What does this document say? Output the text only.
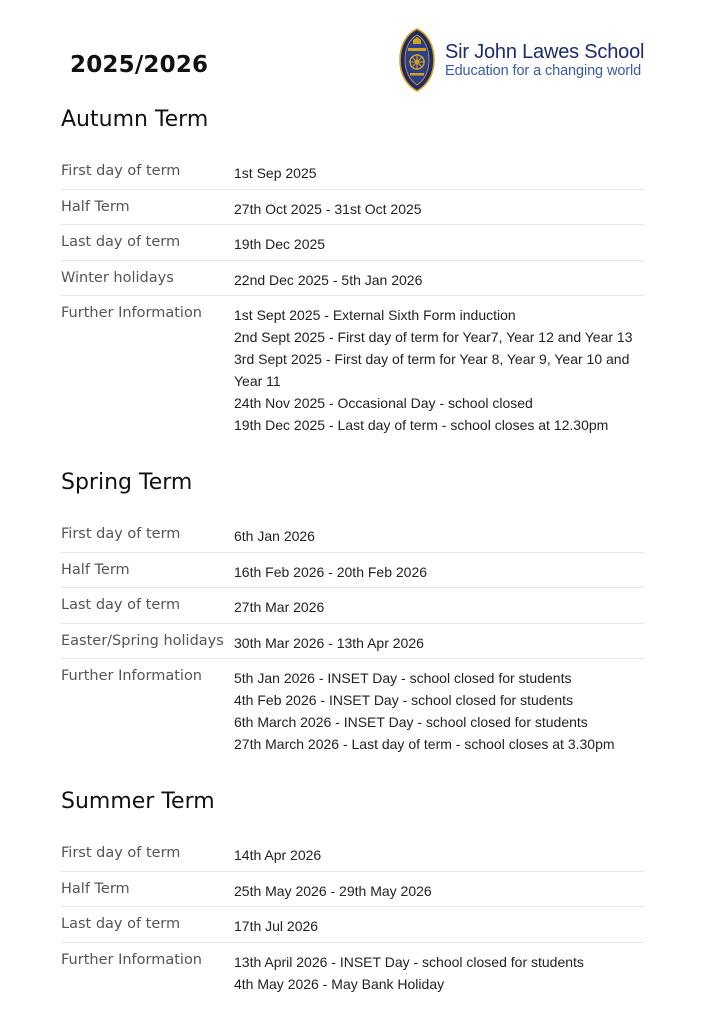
2025/2026
Sir John Lawes School
Education for a changing world
Autumn Term
First day of term	1st Sep 2025
Half Term	27th Oct 2025 - 31st Oct 2025
Last day of term	19th Dec 2025
Winter holidays	22nd Dec 2025 - 5th Jan 2026
Further Information	1st Sept 2025 - External Sixth Form induction
2nd Sept 2025 - First day of term for Year7, Year 12 and Year 13
3rd Sept 2025 - First day of term for Year 8, Year 9, Year 10 and
Year 11
24th Nov 2025 - Occasional Day - school closed
19th Dec 2025 - Last day of term - school closes at 12.30pm
Spring Term
First day of term	6th Jan 2026
Half Term	16th Feb 2026 - 20th Feb 2026
Last day of term	27th Mar 2026
Easter/Spring holidays 30th Mar 2026 - 13th Apr 2026
Further Information	5th Jan 2026 - INSET Day - school closed for students
4th Feb 2026 - INSET Day - school closed for students
6th March 2026 - INSET Day - school closed for students
27th March 2026 - Last day of term - school closes at 3.30pm
Summer Term
First day of term	14th Apr 2026
Half Term	25th May 2026 - 29th May 2026
Last day of term	17th Jul 2026
Further Information	13th April 2026 - INSET Day - school closed for students
4th May 2026 - May Bank Holiday
